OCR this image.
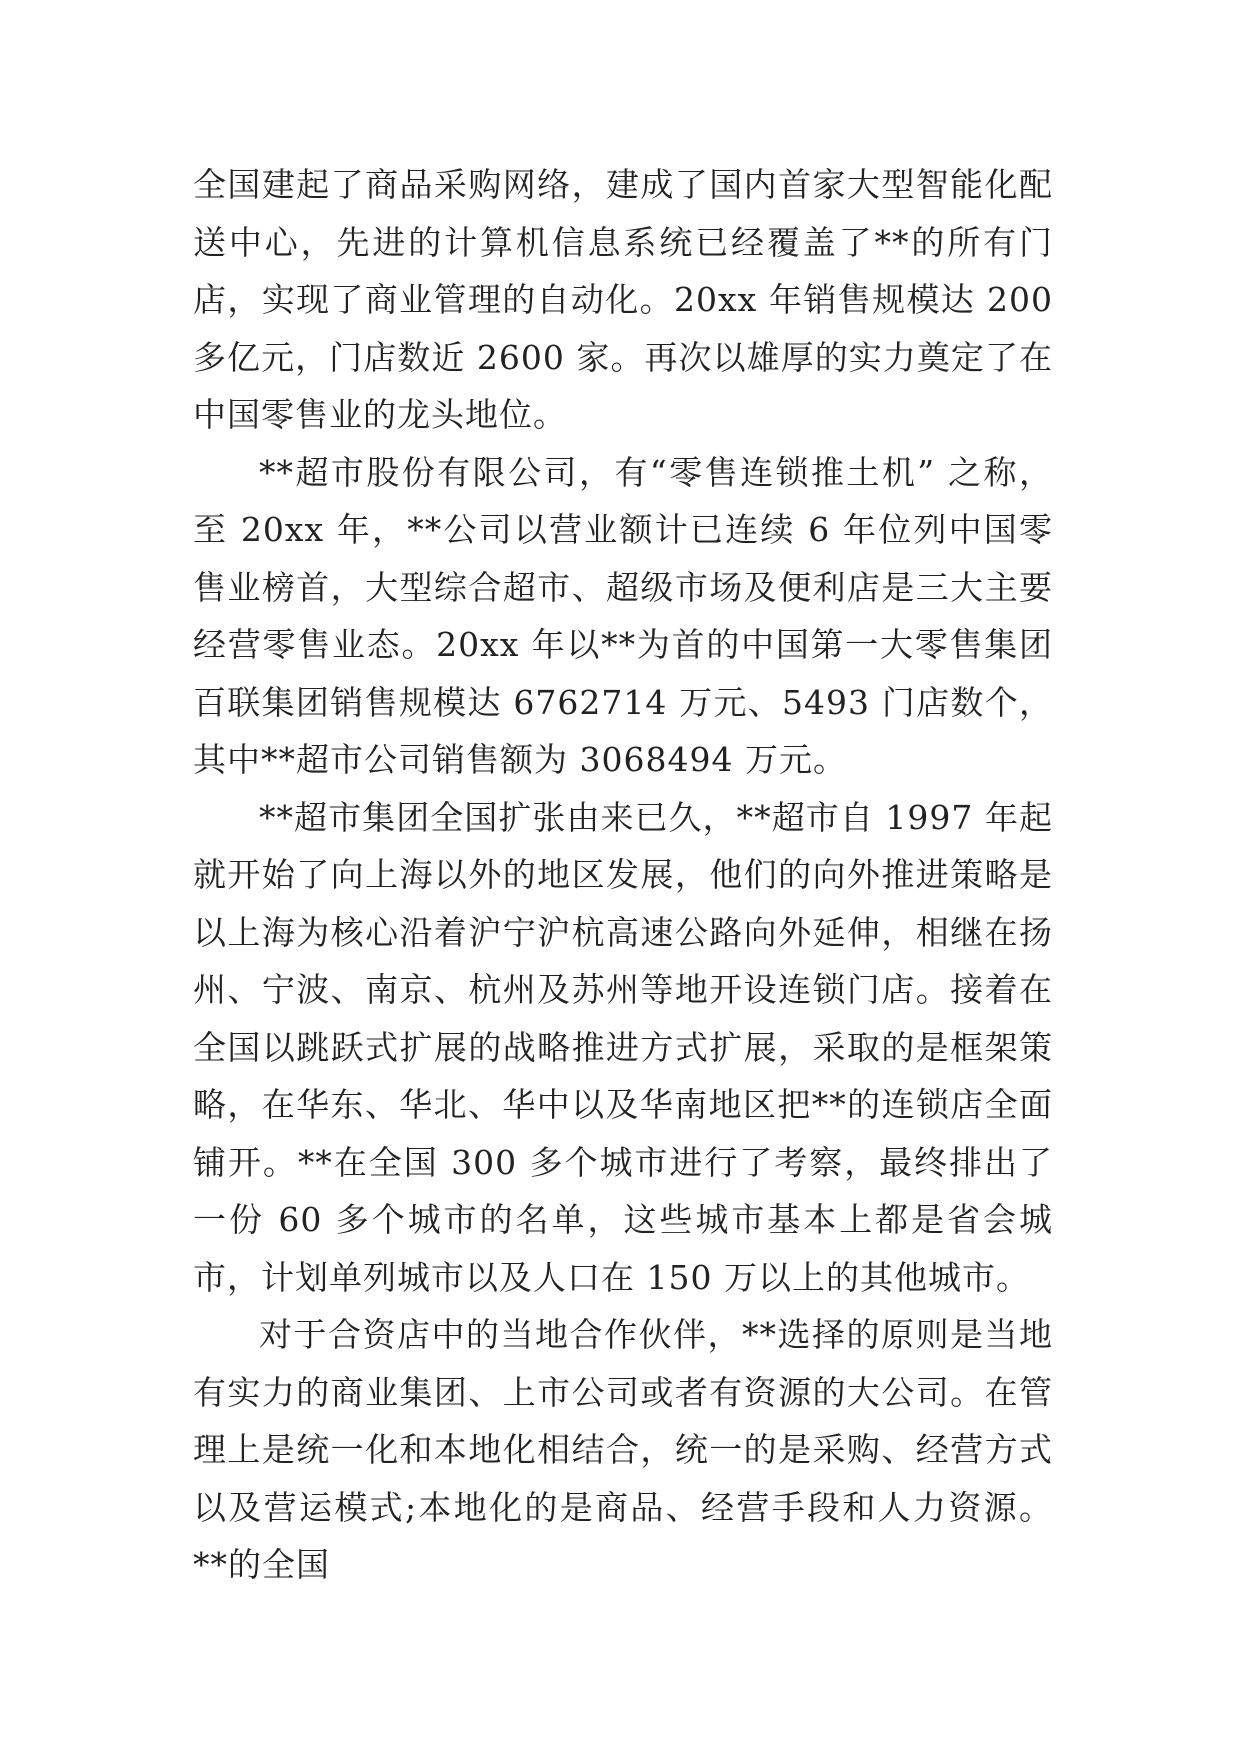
全国建起了商品采购网络，建成了国内首家大型智能化配送中心，先进的计算机信息系统已经覆盖了**的所有门店，实现了商业管理的自动化。20xx 年销售规模达 200 多亿元，门店数近 2600 家。再次以雄厚的实力奠定了在中国零售业的龙头地位。

**超市股份有限公司，有“零售连锁推土机” 之称，至 20xx 年，**公司以营业额计已连续 6 年位列中国零售业榜首，大型综合超市、超级市场及便利店是三大主要经营零售业态。20xx 年以**为首的中国第一大零售集团百联集团销售规模达 6762714 万元、5493 门店数个，其中**超市公司销售额为 3068494 万元。

**超市集团全国扩张由来已久，**超市自 1997 年起就开始了向上海以外的地区发展，他们的向外推进策略是以上海为核心沿着沪宁沪杭高速公路向外延伸，相继在扬州、宁波、南京、杭州及苏州等地开设连锁门店。接着在全国以跳跃式扩展的战略推进方式扩展，采取的是框架策略，在华东、华北、华中以及华南地区把**的连锁店全面铺开。**在全国 300 多个城市进行了考察，最终排出了一份 60 多个城市的名单，这些城市基本上都是省会城市，计划单列城市以及人口在 150 万以上的其他城市。

对于合资店中的当地合作伙伴，**选择的原则是当地有实力的商业集团、上市公司或者有资源的大公司。在管理上是统一化和本地化相结合，统一的是采购、经营方式以及营运模式;本地化的是商品、经营手段和人力资源。**的全国
